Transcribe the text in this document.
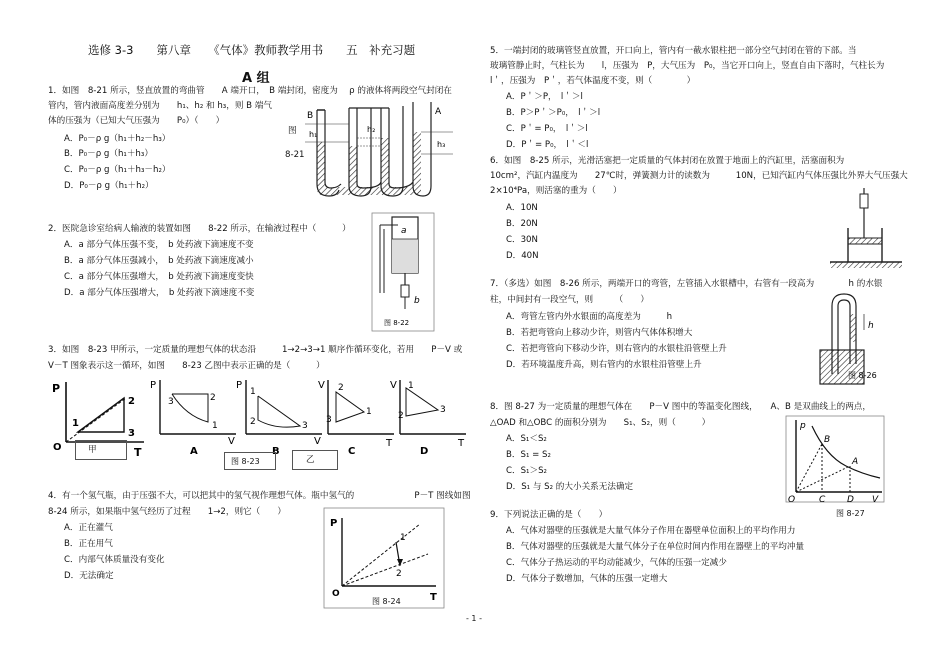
选修 3-3　　第八章　　《气体》教师教学用书　　五　补充习题
A 组
1．如图　8-21 所示，竖直放置的弯曲管　　A 端开口，　B 端封闭，密度为　 ρ 的液体将两段空气封闭在
管内，管内液面高度差分别为　　h₁、h₂ 和 h₃，则 B 端气
体的压强为（已知大气压强为　　P₀）（　　）
A．P₀－ρ g（h₁＋h₂－h₃）
B．P₀－ρ g（h₁＋h₃）
C．P₀－ρ g（h₁＋h₃－h₂）
D．P₀－ρ g（h₁＋h₂）
图
8-21
B
h₁
h₂
A
h₃
2．医院急诊室给病人输液的装置如图　　8-22 所示，在输液过程中（　　　）
A．a 部分气体压强不变，　b 处药液下滴速度不变
B．a 部分气体压强减小，　b 处药液下滴速度减小
C．a 部分气体压强增大，　b 处药液下滴速度变快
D．a 部分气体压强增大，　b 处药液下滴速度不变
a
b
图 8-22
3．如图　8-23 甲所示，一定质量的理想气体的状态沿　　　1→2→3→1 顺序作循环变化，若用　　P－V 或
V－T 图象表示这一循环，如图　　8-23 乙图中表示正确的是（　　　）
P
O	T
1
2
3
甲
P
3	2
1
V
A
P
1
2	3
V
B
V 2
3
1
T
C
V 1
2
3
T
D
图 8-23	乙
4．有一个氢气瓶，由于压强不大，可以把其中的氢气视作理想气体。瓶中氢气的　　　　　　　P－T 图线如图
8-24 所示，如果瓶中氢气经历了过程　　1→2，则它（　　）
A．正在灌气
B．正在用气
C．内部气体质量没有变化
D．无法确定
P
O	T
1
2
图 8-24
5．一端封闭的玻璃管竖直放置，开口向上，管内有一截水银柱把一部分空气封闭在管的下部。当
玻璃管静止时，气柱长为　　l，压强为　P，大气压为　P₀，当它开口向上，竖直自由下落时，气柱长为
l＇，压强为　P＇，若气体温度不变，则（　　　　）
A．P＇＞P，　l＇＞l
B．P＞P＇＞P₀，　l＇＞l
C．P＇= P₀，　l＇＞l
D．P＇= P₀，　l＇＜l
6．如图　8-25 所示，光滑活塞把一定质量的气体封闭在放置于地面上的汽缸里，活塞面积为
10cm²，汽缸内温度为　　27℃时，弹簧测力计的读数为　　　10N，已知汽缸内气体压强比外界大气压强大
2×10⁴Pa，则活塞的重为（　　）
A．10N
B．20N
C．30N
D．40N
7．（多选）如图　8-26 所示，两端开口的弯管，左管插入水银槽中，右管有一段高为　　　　h 的水银
柱，中间封有一段空气，则　　　（　　）
A．弯管左管内外水银面的高度差为　　　h
B．若把弯管向上移动少许，则管内气体体积增大
C．若把弯管向下移动少许，则右管内的水银柱沿管壁上升
D．若环境温度升高，则右管内的水银柱沿管壁上升
h
图 8-26
8．图 8-27 为一定质量的理想气体在　　P－V 图中的等温变化图线，　　A、B 是双曲线上的两点，
△OAD 和△OBC 的面积分别为　　S₁、S₂，则（　　　）
A．S₁＜S₂
B．S₁ = S₂
C．S₁＞S₂
D．S₁ 与 S₂ 的大小关系无法确定
p
B
A
O	C D V
图 8-27
9．下列说法正确的是（　　）
A．气体对器壁的压强就是大量气体分子作用在器壁单位面积上的平均作用力
B．气体对器壁的压强就是大量气体分子在单位时间内作用在器壁上的平均冲量
C．气体分子热运动的平均动能减少，气体的压强一定减少
D．气体分子数增加，气体的压强一定增大
- 1 -
